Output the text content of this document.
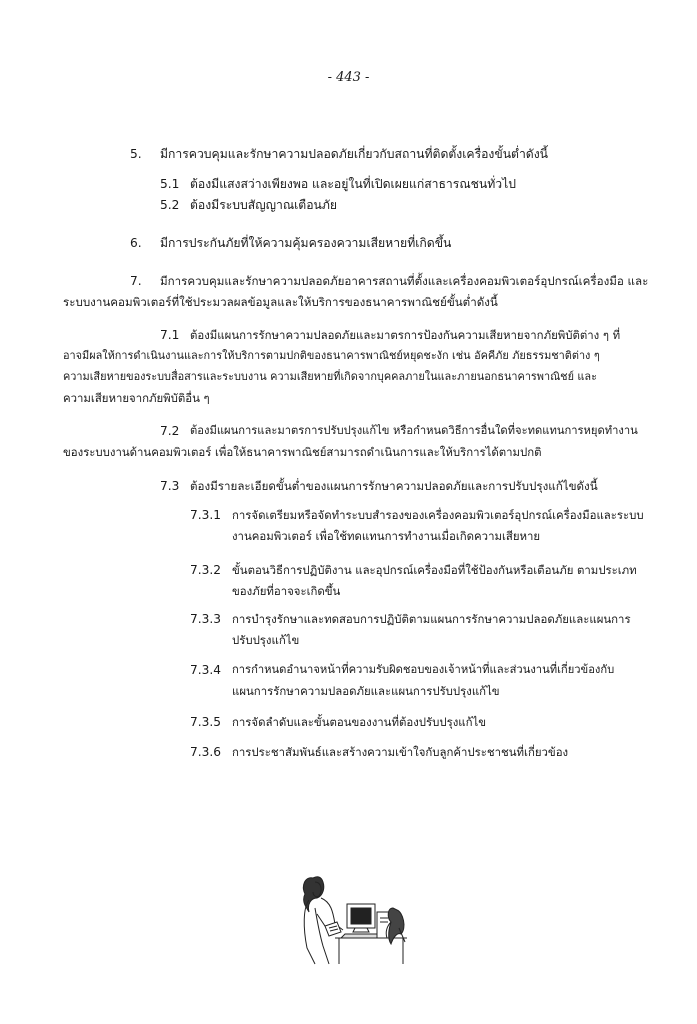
- 443 -
5. มีการควบคุมและรักษาความปลอดภัยเกี่ยวกับสถานที่ติดตั้งเครื่องขั้นต่ำดังนี้
5.1 ต้องมีแสงสว่างเพียงพอ และอยู่ในที่เปิดเผยแก่สาธารณชนทั่วไป
5.2 ต้องมีระบบสัญญาณเตือนภัย
6. มีการประกันภัยที่ให้ความคุ้มครองความเสียหายที่เกิดขึ้น
7. มีการควบคุมและรักษาความปลอดภัยอาคารสถานที่ตั้งและเครื่องคอมพิวเตอร์อุปกรณ์เครื่องมือ และ
ระบบงานคอมพิวเตอร์ที่ใช้ประมวลผลข้อมูลและให้บริการของธนาคารพาณิชย์ขั้นต่ำดังนี้
7.1 ต้องมีแผนการรักษาความปลอดภัยและมาตรการป้องกันความเสียหายจากภัยพิบัติต่าง ๆ ที่
อาจมีผลให้การดำเนินงานและการให้บริการตามปกติของธนาคารพาณิชย์หยุดชะงัก เช่น อัคคีภัย ภัยธรรมชาติต่าง ๆ
ความเสียหายของระบบสื่อสารและระบบงาน ความเสียหายที่เกิดจากบุคคลภายในและภายนอกธนาคารพาณิชย์ และ
ความเสียหายจากภัยพิบัติอื่น ๆ
7.2 ต้องมีแผนการและมาตรการปรับปรุงแก้ไข หรือกำหนดวิธีการอื่นใดที่จะทดแทนการหยุดทำงาน
ของระบบงานด้านคอมพิวเตอร์ เพื่อให้ธนาคารพาณิชย์สามารถดำเนินการและให้บริการได้ตามปกติ
7.3 ต้องมีรายละเอียดขั้นต่ำของแผนการรักษาความปลอดภัยและการปรับปรุงแก้ไขดังนี้
7.3.1 การจัดเตรียมหรือจัดทำระบบสำรองของเครื่องคอมพิวเตอร์อุปกรณ์เครื่องมือและระบบ
งานคอมพิวเตอร์ เพื่อใช้ทดแทนการทำงานเมื่อเกิดความเสียหาย
7.3.2 ขั้นตอนวิธีการปฏิบัติงาน และอุปกรณ์เครื่องมือที่ใช้ป้องกันหรือเตือนภัย ตามประเภท
ของภัยที่อาจจะเกิดขึ้น
7.3.3 การบำรุงรักษาและทดสอบการปฏิบัติตามแผนการรักษาความปลอดภัยและแผนการ
ปรับปรุงแก้ไข
7.3.4 การกำหนดอำนาจหน้าที่ความรับผิดชอบของเจ้าหน้าที่และส่วนงานที่เกี่ยวข้องกับ
แผนการรักษาความปลอดภัยและแผนการปรับปรุงแก้ไข
7.3.5 การจัดลำดับและขั้นตอนของงานที่ต้องปรับปรุงแก้ไข
7.3.6 การประชาสัมพันธ์และสร้างความเข้าใจกับลูกค้าประชาชนที่เกี่ยวข้อง
